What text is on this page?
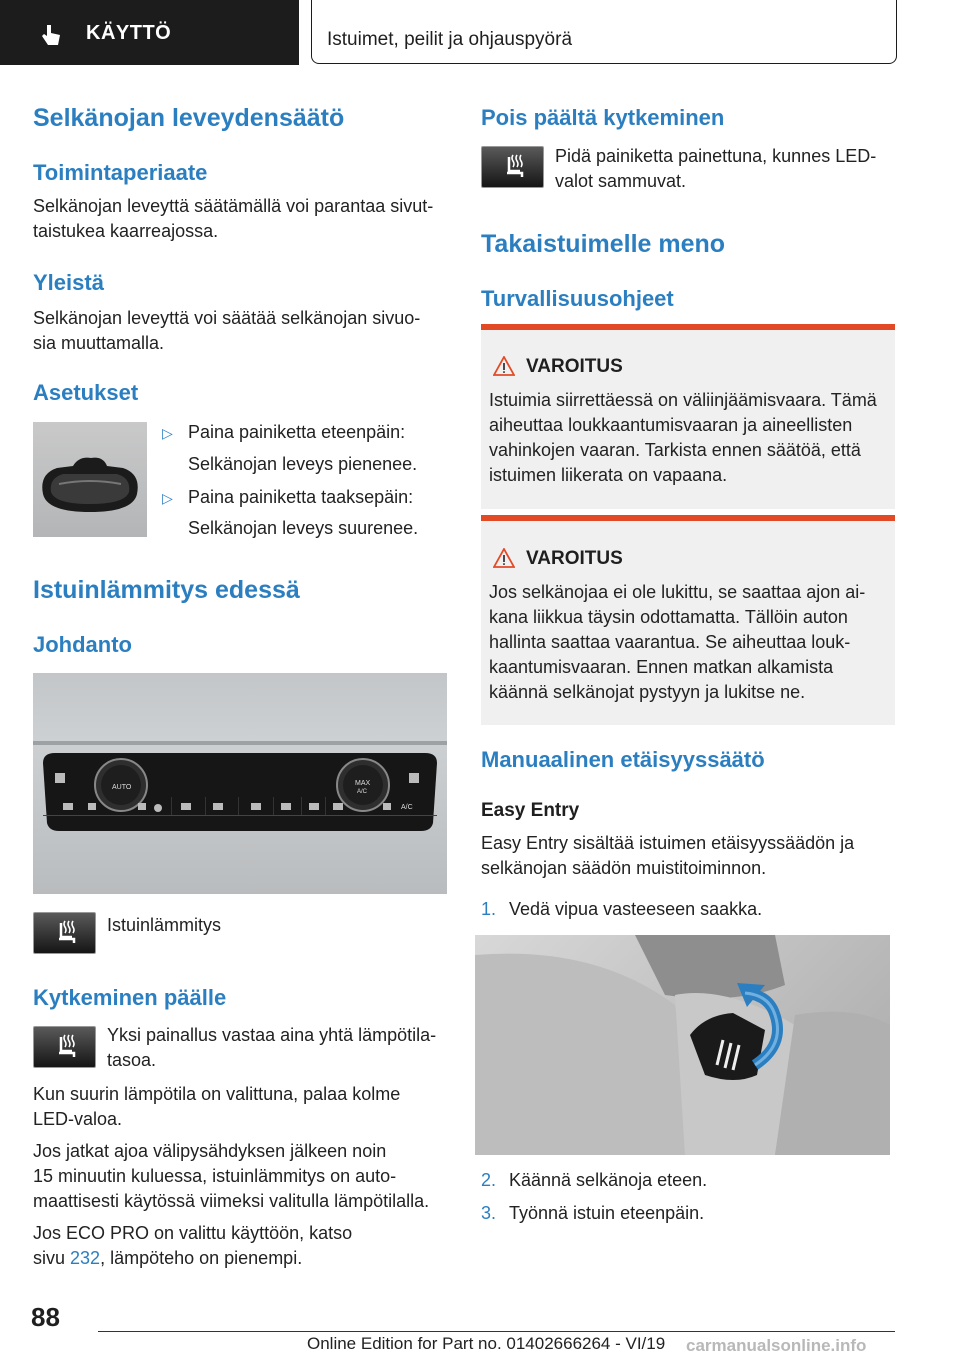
KÄYTTÖ	Istuimet, peilit ja ohjauspyörä
Selkänojan leveydensäätö
Toimintaperiaate
Selkänojan leveyttä säätämällä voi parantaa sivut-
taistukea kaarreajossa.
Yleistä
Selkänojan leveyttä voi säätää selkänojan sivuo-
sia muuttamalla.
Asetukset
▷ Paina painiketta eteenpäin:
Selkänojan leveys pienenee.
▷ Paina painiketta taaksepäin:
Selkänojan leveys suurenee.
Istuinlämmitys edessä
Johdanto
AUTO
MAX
A/C
A/C
Istuinlämmitys
Kytkeminen päälle
Yksi painallus vastaa aina yhtä lämpötila-
tasoa.
Kun suurin lämpötila on valittuna, palaa kolme
LED-valoa.
Jos jatkat ajoa välipysähdyksen jälkeen noin
15 minuutin kuluessa, istuinlämmitys on auto-
maattisesti käytössä viimeksi valitulla lämpötilalla.
Jos ECO PRO on valittu käyttöön, katso
sivu 232, lämpöteho on pienempi.
Pois päältä kytkeminen
Pidä painiketta painettuna, kunnes LED-
valot sammuvat.
Takaistuimelle meno
Turvallisuusohjeet
VAROITUS
Istuimia siirrettäessä on väliinjäämisvaara. Tämä
aiheuttaa loukkaantumisvaaran ja aineellisten
vahinkojen vaaran. Tarkista ennen säätöä, että
istuimen liikerata on vapaana.
VAROITUS
Jos selkänojaa ei ole lukittu, se saattaa ajon ai-
kana liikkua täysin odottamatta. Tällöin auton
hallinta saattaa vaarantua. Se aiheuttaa louk-
kaantumisvaaran. Ennen matkan alkamista
käännä selkänojat pystyyn ja lukitse ne.
Manuaalinen etäisyyssäätö
Easy Entry
Easy Entry sisältää istuimen etäisyyssäädön ja
selkänojan säädön muistitoiminnon.
1. Vedä vipua vasteeseen saakka.
2. Käännä selkänoja eteen.
3. Työnnä istuin eteenpäin.
88
Online Edition for Part no. 01402666264 - VI/19 carmanualsonline.info
